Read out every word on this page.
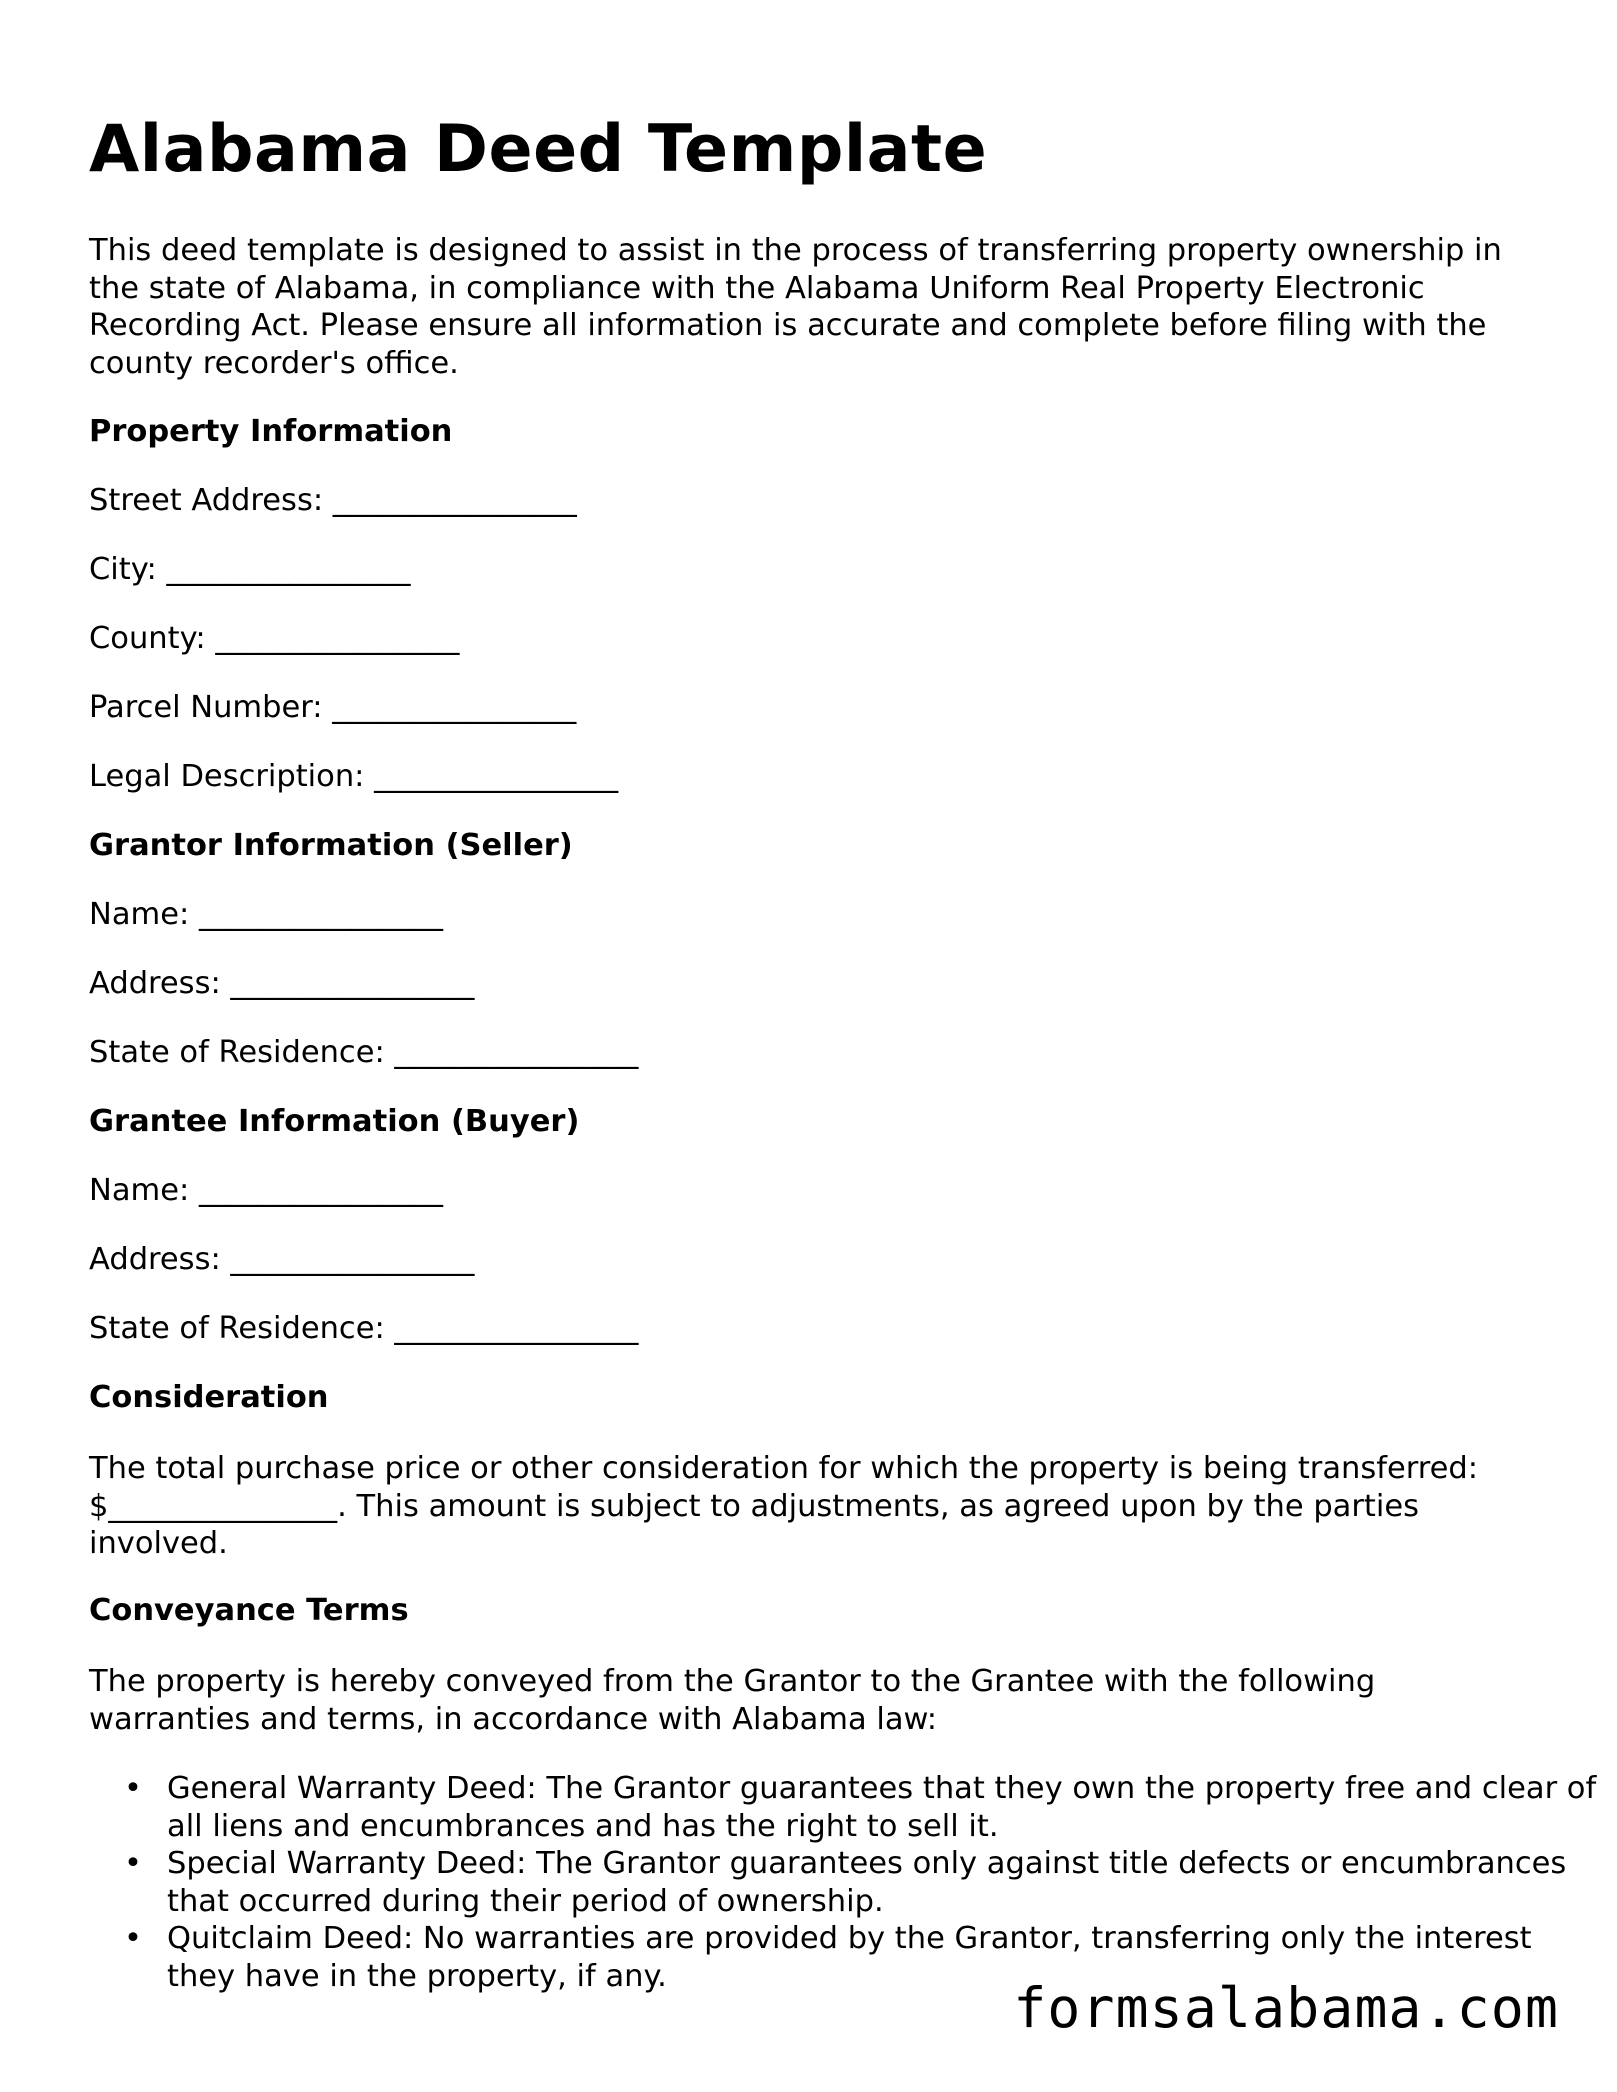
Alabama Deed Template

This deed template is designed to assist in the process of transferring property ownership in the state of Alabama, in compliance with the Alabama Uniform Real Property Electronic Recording Act. Please ensure all information is accurate and complete before filing with the county recorder's office.

Property Information
Street Address: ________________
City: ________________
County: ________________
Parcel Number: ________________
Legal Description: ________________
Grantor Information (Seller)
Name: ________________
Address: ________________
State of Residence: ________________
Grantee Information (Buyer)
Name: ________________
Address: ________________
State of Residence: ________________
Consideration

The total purchase price or other consideration for which the property is being transferred: $_______________. This amount is subject to adjustments, as agreed upon by the parties involved.

Conveyance Terms

The property is hereby conveyed from the Grantor to the Grantee with the following warranties and terms, in accordance with Alabama law:

• General Warranty Deed: The Grantor guarantees that they own the property free and clear of all liens and encumbrances and has the right to sell it.
• Special Warranty Deed: The Grantor guarantees only against title defects or encumbrances that occurred during their period of ownership.
• Quitclaim Deed: No warranties are provided by the Grantor, transferring only the interest they have in the property, if any.	formsalabama.com
